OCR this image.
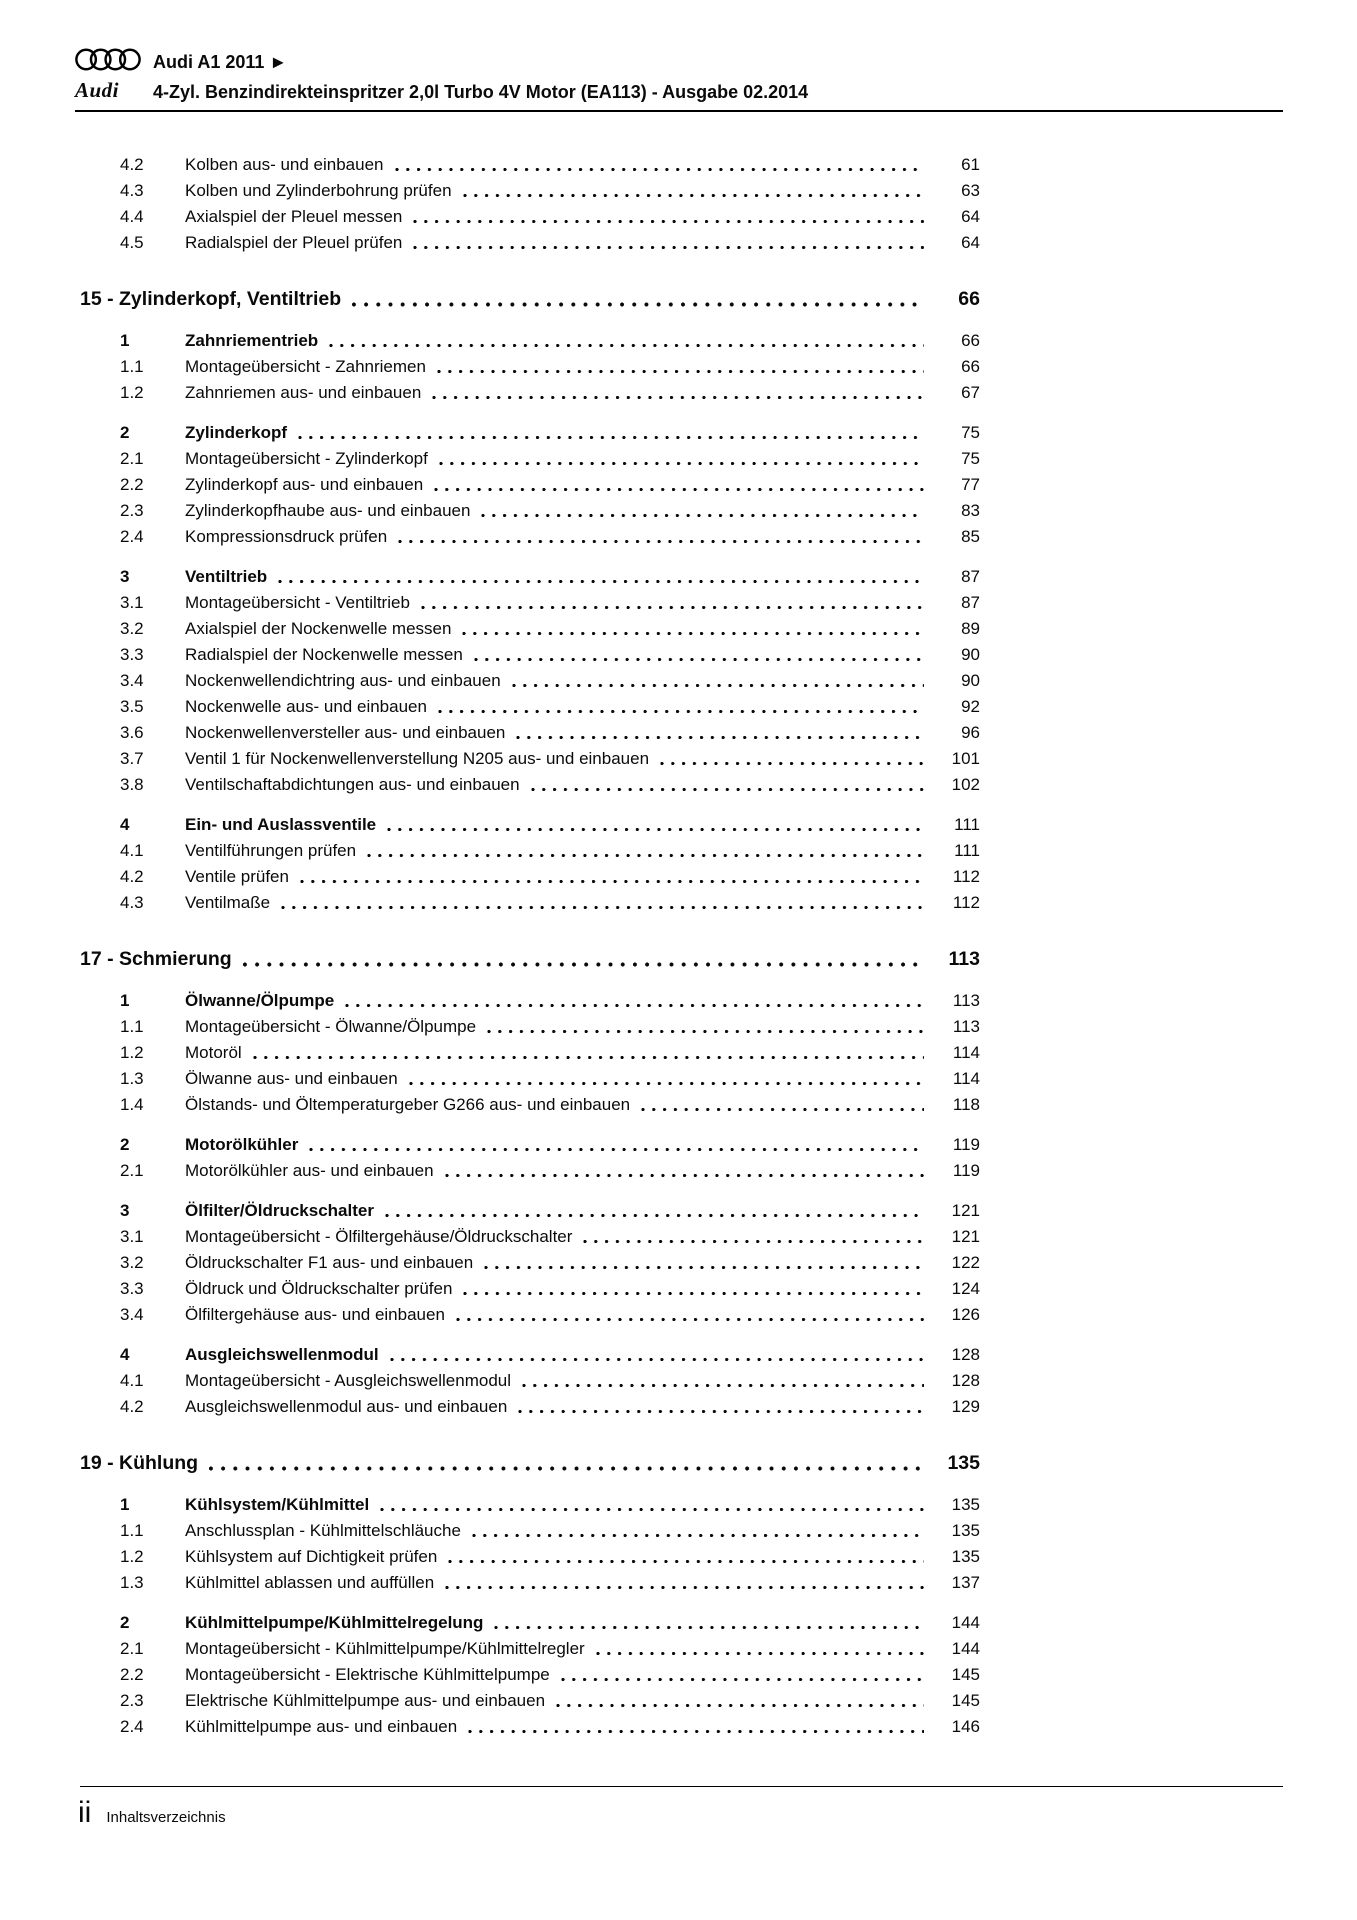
Audi A1 2011 ►
Audi	4-Zyl. Benzindirekteinspritzer 2,0l Turbo 4V Motor (EA113) - Ausgabe 02.2014
4.2	Kolben aus- und einbauen	61
4.3	Kolben und Zylinderbohrung prüfen	63
4.4	Axialspiel der Pleuel messen	64
4.5	Radialspiel der Pleuel prüfen	64
15 - Zylinderkopf, Ventiltrieb	66
1	Zahnriementrieb	66
1.1	Montageübersicht - Zahnriemen	66
1.2	Zahnriemen aus- und einbauen	67
2	Zylinderkopf	75
2.1	Montageübersicht - Zylinderkopf	75
2.2	Zylinderkopf aus- und einbauen	77
2.3	Zylinderkopfhaube aus- und einbauen	83
2.4	Kompressionsdruck prüfen	85
3	Ventiltrieb	87
3.1	Montageübersicht - Ventiltrieb	87
3.2	Axialspiel der Nockenwelle messen	89
3.3	Radialspiel der Nockenwelle messen	90
3.4	Nockenwellendichtring aus- und einbauen	90
3.5	Nockenwelle aus- und einbauen	92
3.6	Nockenwellenversteller aus- und einbauen	96
3.7	Ventil 1 für Nockenwellenverstellung N205 aus- und einbauen	101
3.8	Ventilschaftabdichtungen aus- und einbauen	102
4	Ein- und Auslassventile	111
4.1	Ventilführungen prüfen	111
4.2	Ventile prüfen	112
4.3	Ventilmaße	112
17 - Schmierung	113
1	Ölwanne/Ölpumpe	113
1.1	Montageübersicht - Ölwanne/Ölpumpe	113
1.2	Motoröl	114
1.3	Ölwanne aus- und einbauen	114
1.4	Ölstands- und Öltemperaturgeber G266 aus- und einbauen	118
2	Motorölkühler	119
2.1	Motorölkühler aus- und einbauen	119
3	Ölfilter/Öldruckschalter	121
3.1	Montageübersicht - Ölfiltergehäuse/Öldruckschalter	121
3.2	Öldruckschalter F1 aus- und einbauen	122
3.3	Öldruck und Öldruckschalter prüfen	124
3.4	Ölfiltergehäuse aus- und einbauen	126
4	Ausgleichswellenmodul	128
4.1	Montageübersicht - Ausgleichswellenmodul	128
4.2	Ausgleichswellenmodul aus- und einbauen	129
19 - Kühlung	135
1	Kühlsystem/Kühlmittel	135
1.1	Anschlussplan - Kühlmittelschläuche	135
1.2	Kühlsystem auf Dichtigkeit prüfen	135
1.3	Kühlmittel ablassen und auffüllen	137
2	Kühlmittelpumpe/Kühlmittelregelung	144
2.1	Montageübersicht - Kühlmittelpumpe/Kühlmittelregler	144
2.2	Montageübersicht - Elektrische Kühlmittelpumpe	145
2.3	Elektrische Kühlmittelpumpe aus- und einbauen	145
2.4	Kühlmittelpumpe aus- und einbauen	146
ii Inhaltsverzeichnis
